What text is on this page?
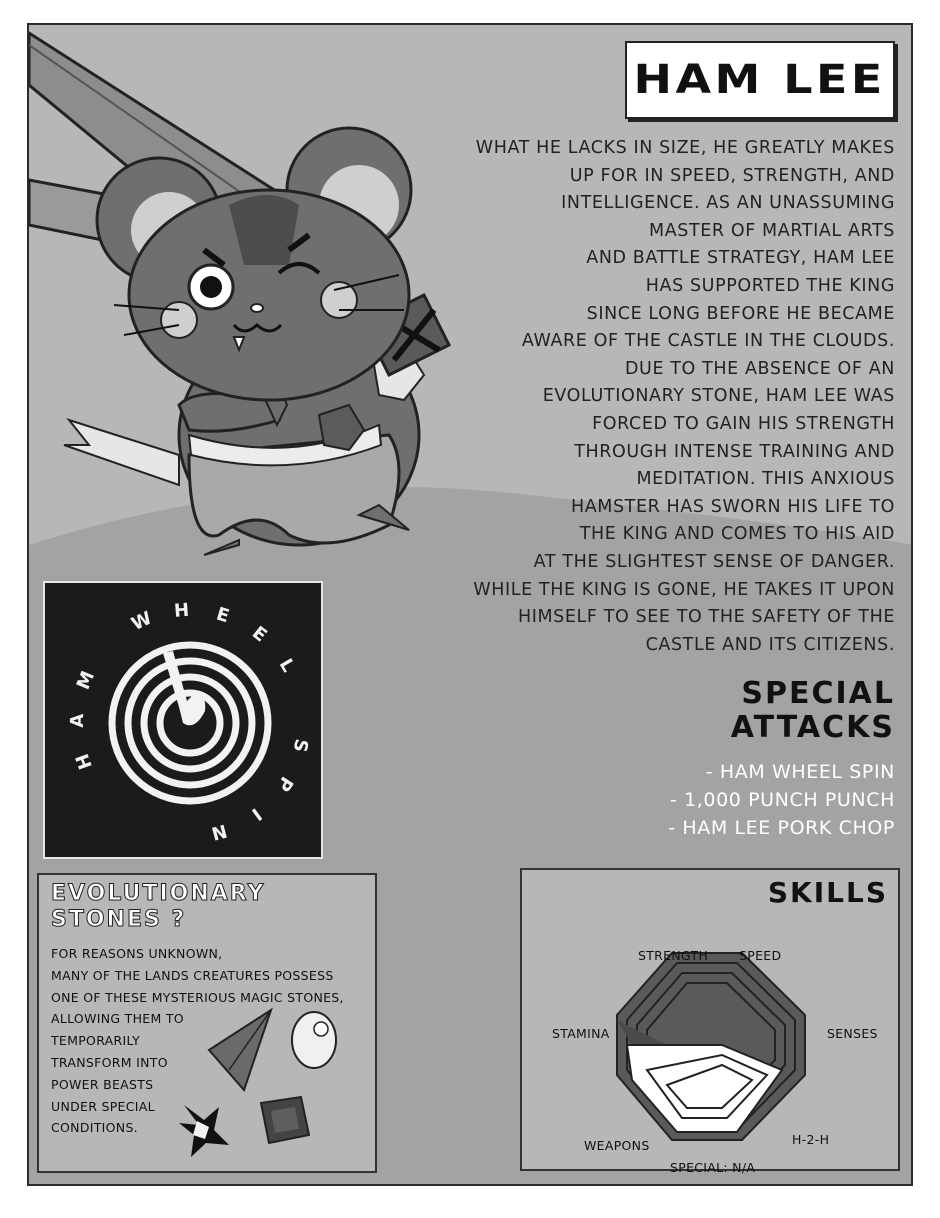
HAM LEE
WHAT HE LACKS IN SIZE, HE GREATLY MAKES
UP FOR IN SPEED, STRENGTH, AND
INTELLIGENCE. AS AN UNASSUMING
MASTER OF MARTIAL ARTS
AND BATTLE STRATEGY, HAM LEE
HAS SUPPORTED THE KING
SINCE LONG BEFORE HE BECAME
AWARE OF THE CASTLE IN THE CLOUDS.
DUE TO THE ABSENCE OF AN
EVOLUTIONARY STONE, HAM LEE WAS
FORCED TO GAIN HIS STRENGTH
THROUGH INTENSE TRAINING AND
MEDITATION. THIS ANXIOUS
HAMSTER HAS SWORN HIS LIFE TO
THE KING AND COMES TO HIS AID
AT THE SLIGHTEST SENSE OF DANGER.
WHILE THE KING IS GONE, HE TAKES IT UPON
HIMSELF TO SEE TO THE SAFETY OF THE
CASTLE AND ITS CITIZENS.
SPECIAL
ATTACKS
- HAM WHEEL SPIN
- 1,000 PUNCH PUNCH
- HAM LEE PORK CHOP
H
A
M
W H E
E
L
S
P
I
N
EVOLUTIONARY
STONES ?
FOR REASONS UNKNOWN,
MANY OF THE LANDS CREATURES POSSESS
ONE OF THESE MYSTERIOUS MAGIC STONES,
ALLOWING THEM TO
TEMPORARILY
TRANSFORM INTO
POWER BEASTS
UNDER SPECIAL
CONDITIONS.
SKILLS
STRENGTH SPEED
STAMINA	SENSES
WEAPONS	H-2-H
SPECIAL: N/A
